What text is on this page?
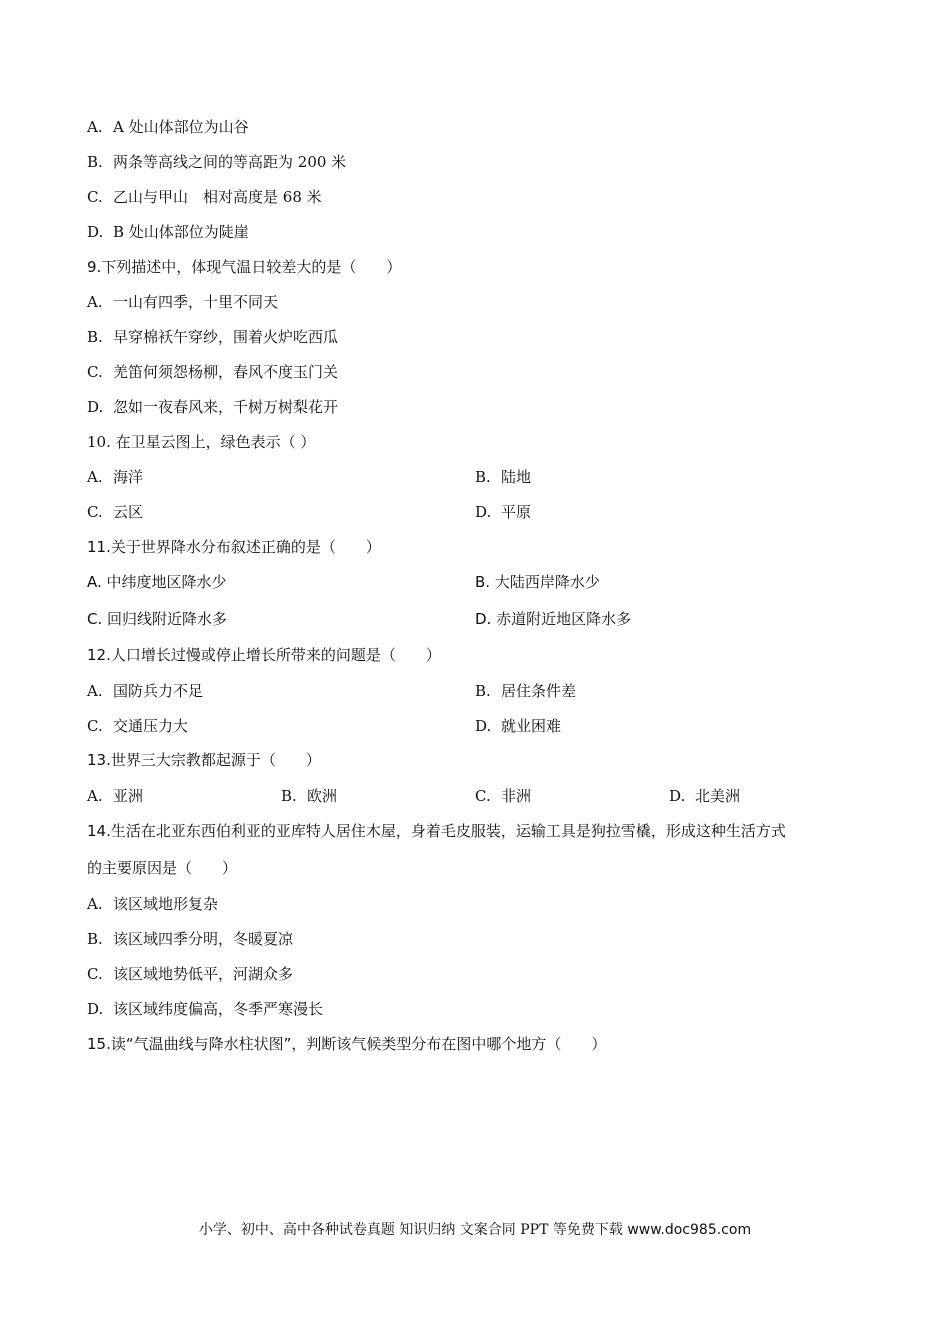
A. A 处山体部位为山谷
B. 两条等高线之间的等高距为 200 米
C. 乙山与甲山　相对高度是 68 米
D. B 处山体部位为陡崖
9.下列描述中，体现气温日较差大的是（　　）
A. 一山有四季，十里不同天
B. 早穿棉袄午穿纱，围着火炉吃西瓜
C. 羌笛何须怨杨柳，春风不度玉门关
D. 忽如一夜春风来，千树万树梨花开
10. 在卫星云图上，绿色表示（ ）
A. 海洋	B. 陆地
C. 云区	D. 平原
11.关于世界降水分布叙述正确的是（　　）
A. 中纬度地区降水少	B. 大陆西岸降水少
C. 回归线附近降水多	D. 赤道附近地区降水多
12.人口增长过慢或停止增长所带来的问题是（　　）
A. 国防兵力不足	B. 居住条件差
C. 交通压力大	D. 就业困难
13.世界三大宗教都起源于（　　）
A. 亚洲	B. 欧洲	C. 非洲	D. 北美洲
14.生活在北亚东西伯利亚的亚库特人居住木屋，身着毛皮服装，运输工具是狗拉雪橇，形成这种生活方式
的主要原因是（　　）
A. 该区域地形复杂
B. 该区域四季分明，冬暖夏凉
C. 该区域地势低平，河湖众多
D. 该区域纬度偏高，冬季严寒漫长
15.读“气温曲线与降水柱状图”，判断该气候类型分布在图中哪个地方（　　）
小学、初中、高中各种试卷真题 知识归纳 文案合同 PPT 等免费下载 www.doc985.com
